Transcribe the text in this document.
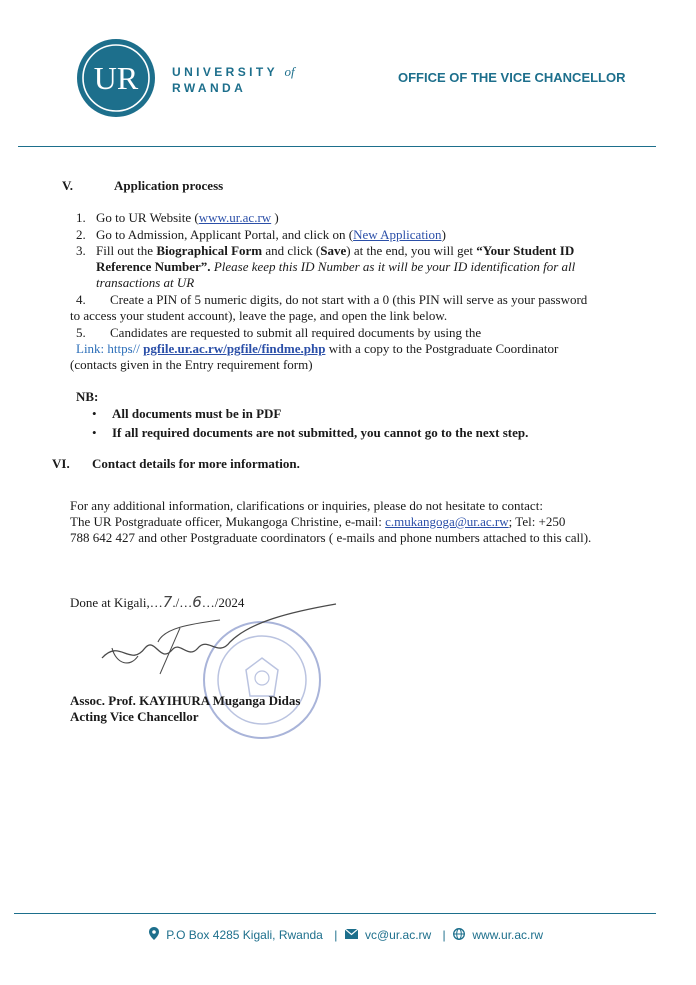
UR	UNIVERSITY of
RWANDA
OFFICE OF THE VICE CHANCELLOR
V.	Application process
1. Go to UR Website (www.ur.ac.rw )
2. Go to Admission, Applicant Portal, and click on (New Application)
3. Fill out the Biographical Form and click (Save) at the end, you will get “Your Student ID
Reference Number”. Please keep this ID Number as it will be your ID identification for all
transactions at UR
4. Create a PIN of 5 numeric digits, do not start with a 0 (this PIN will serve as your password
to access your student account), leave the page, and open the link below.
5. Candidates are requested to submit all required documents by using the
Link: https// pgfile.ur.ac.rw/pgfile/findme.php with a copy to the Postgraduate Coordinator
(contacts given in the Entry requirement form)
NB:
• All documents must be in PDF
• If all required documents are not submitted, you cannot go to the next step.
VI. Contact details for more information.
For any additional information, clarifications or inquiries, please do not hesitate to contact:
The UR Postgraduate officer, Mukangoga Christine, e-mail: c.mukangoga@ur.ac.rw; Tel: +250
788 642 427 and other Postgraduate coordinators ( e-mails and phone numbers attached to this call).
Done at Kigali,…7./…6…/2024
Assoc. Prof. KAYIHURA Muganga Didas
Acting Vice Chancellor
P.O Box 4285 Kigali, Rwanda | vc@ur.ac.rw | www.ur.ac.rw
